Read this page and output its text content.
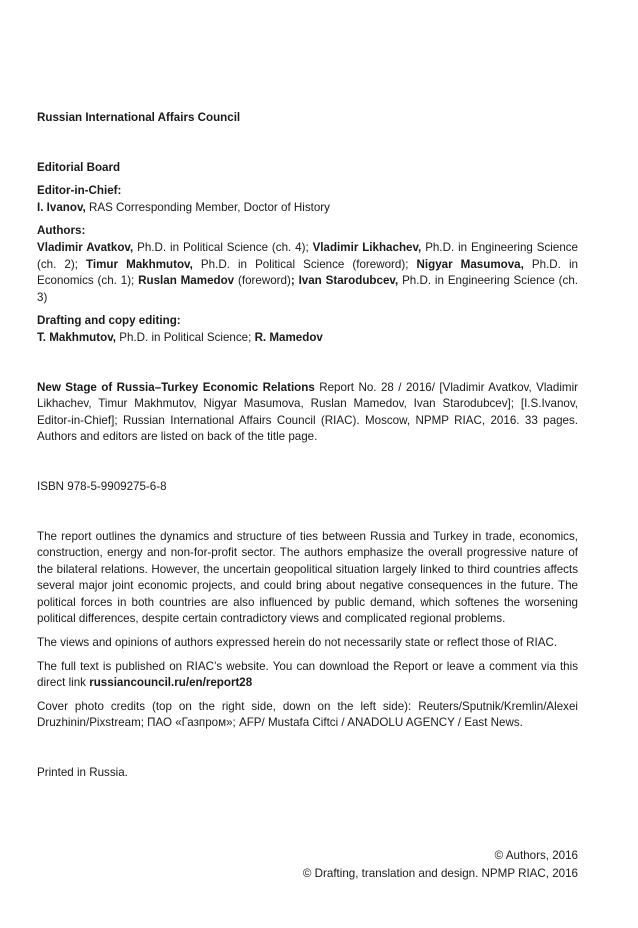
Russian International Affairs Council

Editorial Board

Editor-in-Chief:

I. Ivanov, RAS Corresponding Member, Doctor of History

Authors:

Vladimir Avatkov, Ph.D. in Political Science (ch. 4); Vladimir Likhachev, Ph.D. in Engineering Science (ch. 2); Timur Makhmutov, Ph.D. in Political Science (foreword); Nigyar Masumova, Ph.D. in Economics (ch. 1); Ruslan Mamedov (foreword); Ivan Starodubcev, Ph.D. in Engineering Science (ch. 3)

Drafting and copy editing:

T. Makhmutov, Ph.D. in Political Science; R. Mamedov

New Stage of Russia–Turkey Economic Relations Report No. 28 / 2016/ [Vladimir Avatkov, Vladimir Likhachev, Timur Makhmutov, Nigyar Masumova, Ruslan Mamedov, Ivan Starodubcev]; [I.S.Ivanov, Editor-in-Chief]; Russian International Affairs Council (RIAC). Moscow, NPMP RIAC, 2016. 33 pages. Authors and editors are listed on back of the title page.

ISBN 978-5-9909275-6-8

The report outlines the dynamics and structure of ties between Russia and Turkey in trade, economics, construction, energy and non-for-profit sector. The authors emphasize the overall progressive nature of the bilateral relations. However, the uncertain geopolitical situation largely linked to third countries affects several major joint economic projects, and could bring about negative consequences in the future. The political forces in both countries are also influenced by public demand, which softenes the worsening political differences, despite certain contradictory views and complicated regional problems.

The views and opinions of authors expressed herein do not necessarily state or reflect those of RIAC.

The full text is published on RIAC’s website. You can download the Report or leave a comment via this direct link russiancouncil.ru/en/report28

Cover photo credits (top on the right side, down on the left side): Reuters/Sputnik/Kremlin/Alexei Druzhinin/Pixstream; ПАО «Газпром»; AFP/ Mustafa Ciftci / ANADOLU AGENCY / East News.

Printed in Russia.

© Authors, 2016
© Drafting, translation and design. NPMP RIAC, 2016
